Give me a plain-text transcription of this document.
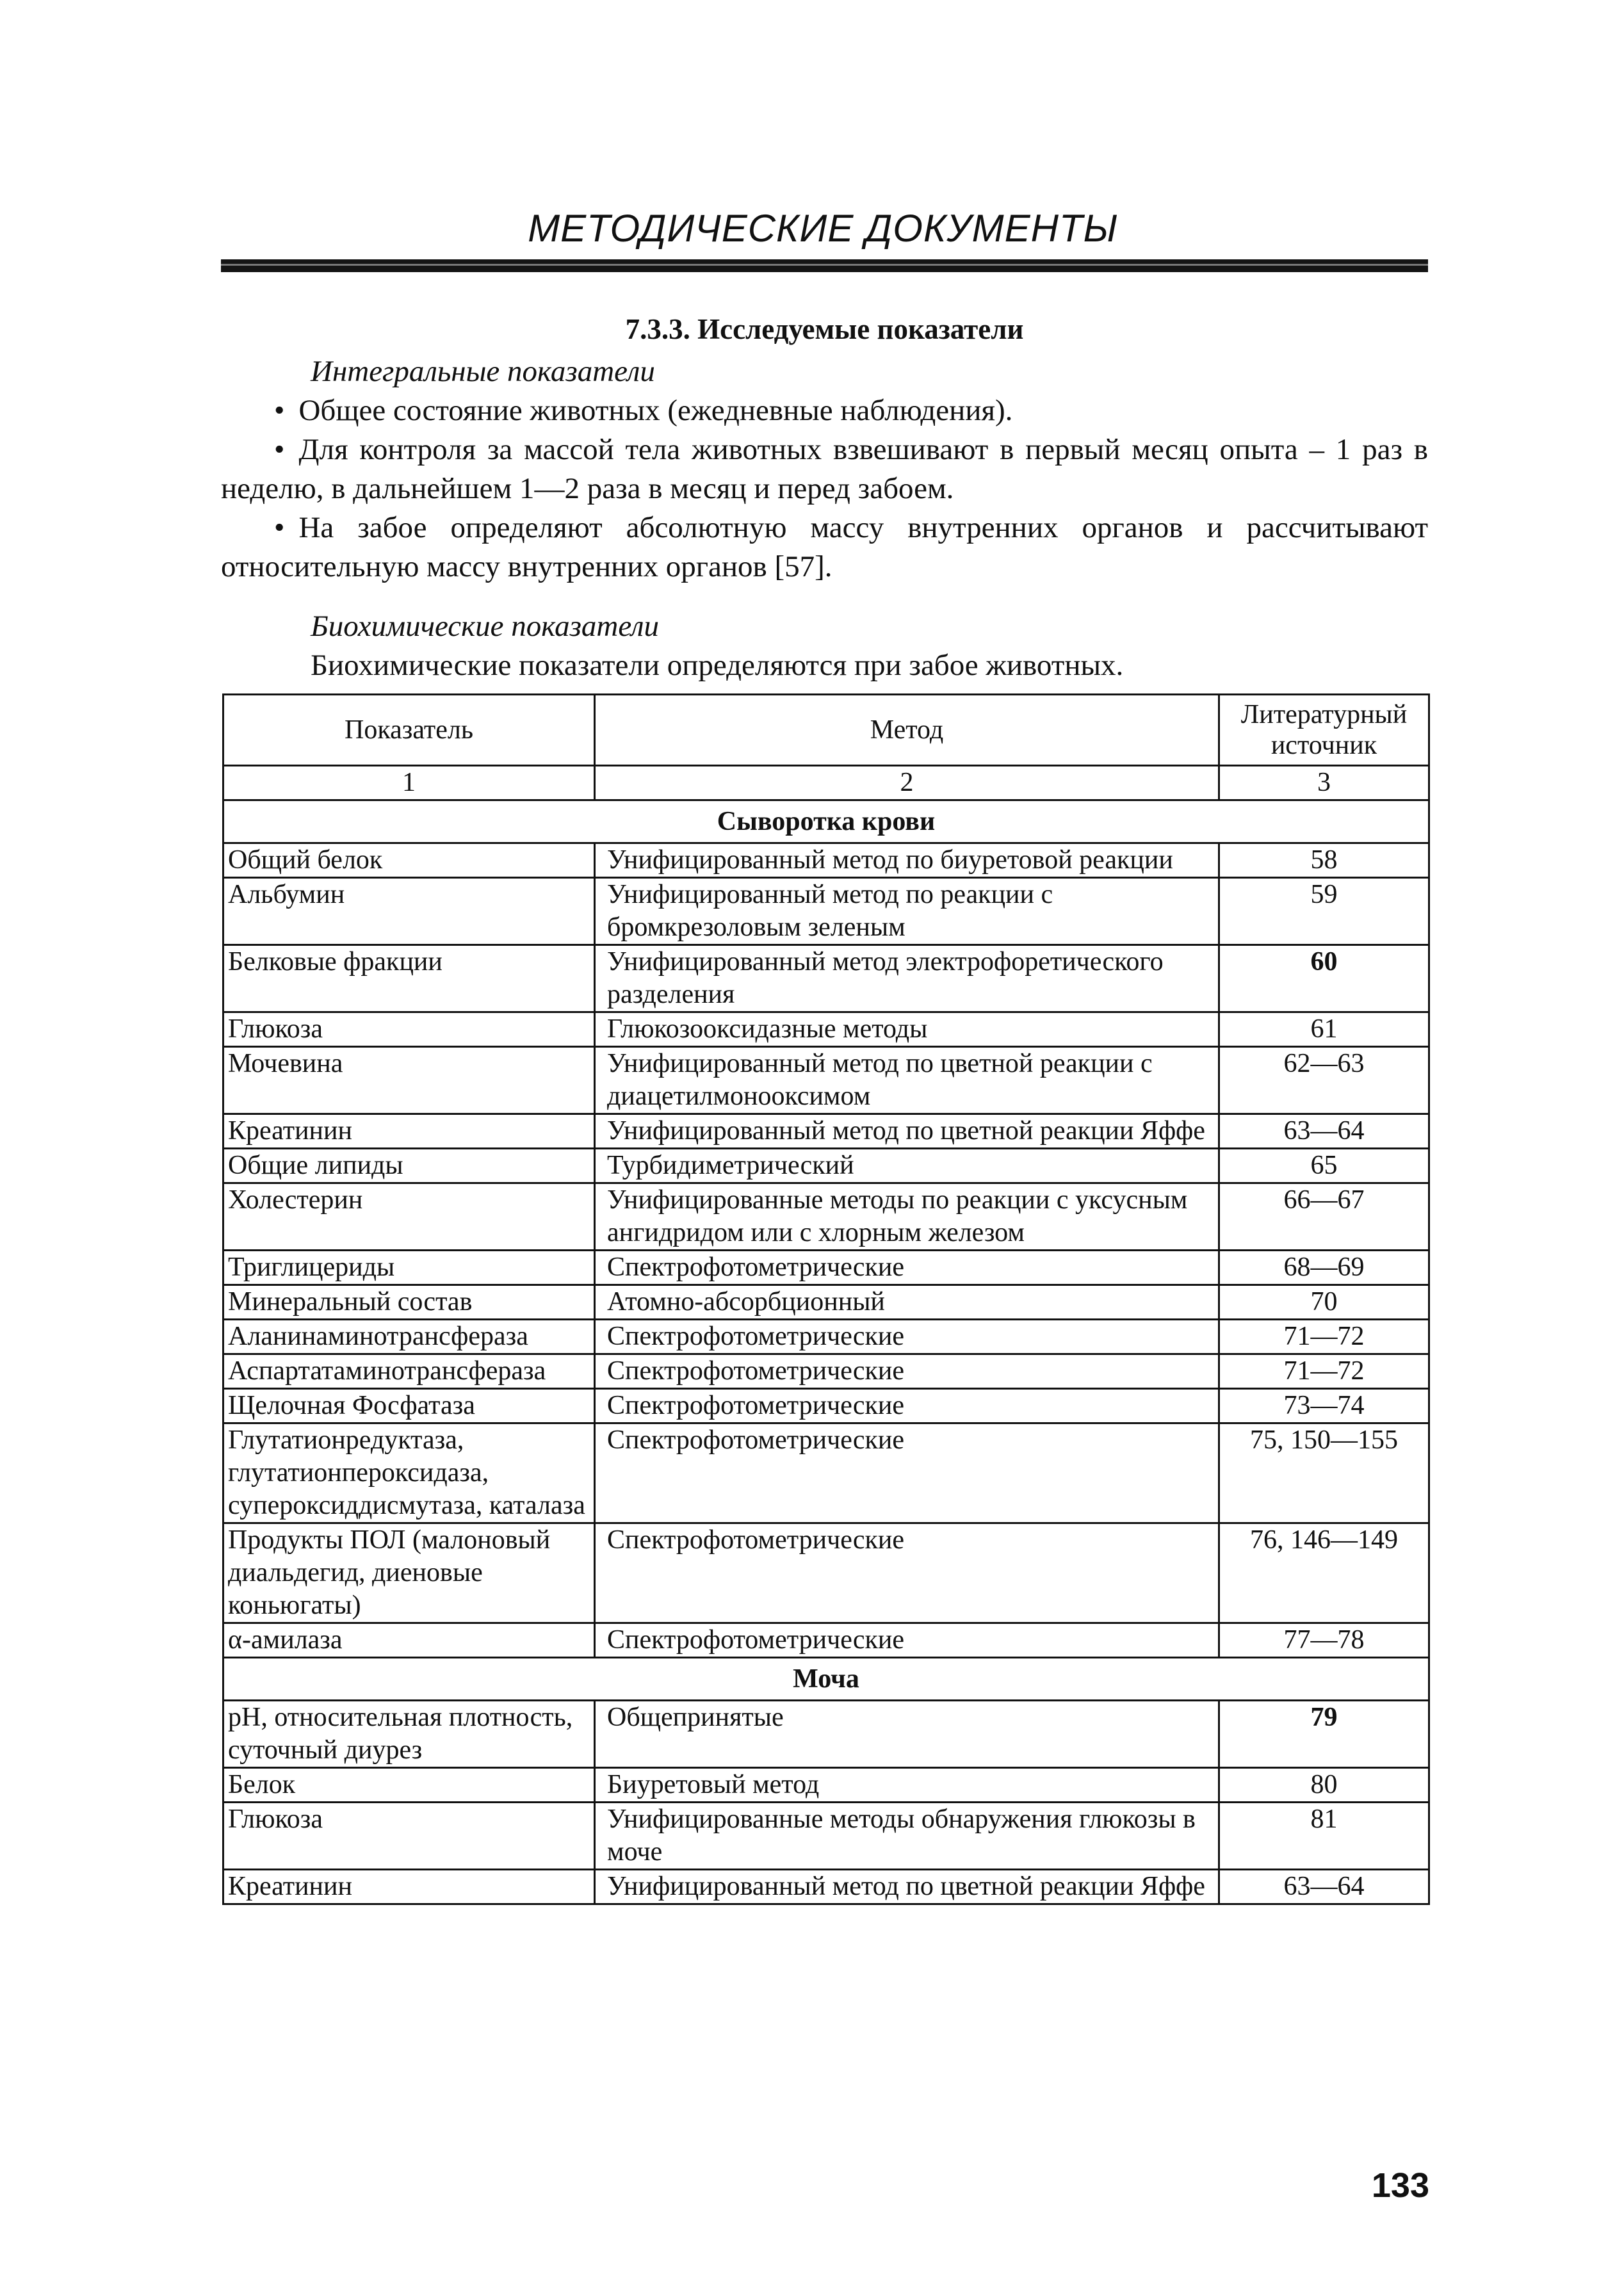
МЕТОДИЧЕСКИЕ ДОКУМЕНТЫ
7.3.3. Исследуемые показатели
Интегральные показатели

• Общее состояние животных (ежедневные наблюдения).

• Для контроля за массой тела животных взвешивают в первый месяц опыта – 1 раз в неделю, в дальнейшем 1—2 раза в месяц и перед забоем.

• На забое определяют абсолютную массу внутренних органов и рассчитывают относительную массу внутренних органов [57].

Биохимические показатели
Биохимические показатели определяются при забое животных.
Показатель	Метод	Литературный источник
1	2	3
Сыворотка крови		
Общий белок	Унифицированный метод по биуретовой реакции	58
Альбумин	Унифицированный метод по реакции с бромкрезоловым зеленым	59
Белковые фракции	Унифицированный метод электрофоретического разделения	60
Глюкоза	Глюкозооксидазные методы	61
Мочевина	Унифицированный метод по цветной реакции с диацетилмонооксимом	62—63
Креатинин	Унифицированный метод по цветной реакции Яффе	63—64
Общие липиды	Турбидиметрический	65
Холестерин	Унифицированные методы по реакции с уксусным ангидридом или с хлорным железом	66—67
Триглицериды	Спектрофотометрические	68—69
Минеральный состав	Атомно-абсорбционный	70
Аланинаминотрансфераза	Спектрофотометрические	71—72
Аспартатаминотрансфераза	Спектрофотометрические	71—72
Щелочная Фосфатаза	Спектрофотометрические	73—74
Глутатионредуктаза, глутатионпероксидаза, супероксиддисмутаза, каталаза	Спектрофотометрические	75, 150—155
Продукты ПОЛ (малоновый диальдегид, диеновые коньюгаты)	Спектрофотометрические	76, 146—149
α-амилаза	Спектрофотометрические	77—78
Моча		
pH, относительная плотность, суточный диурез	Общепринятые	79
Белок	Биуретовый метод	80
Глюкоза	Унифицированные методы обнаружения глюкозы в моче	81
Креатинин	Унифицированный метод по цветной реакции Яффе	63—64
133
